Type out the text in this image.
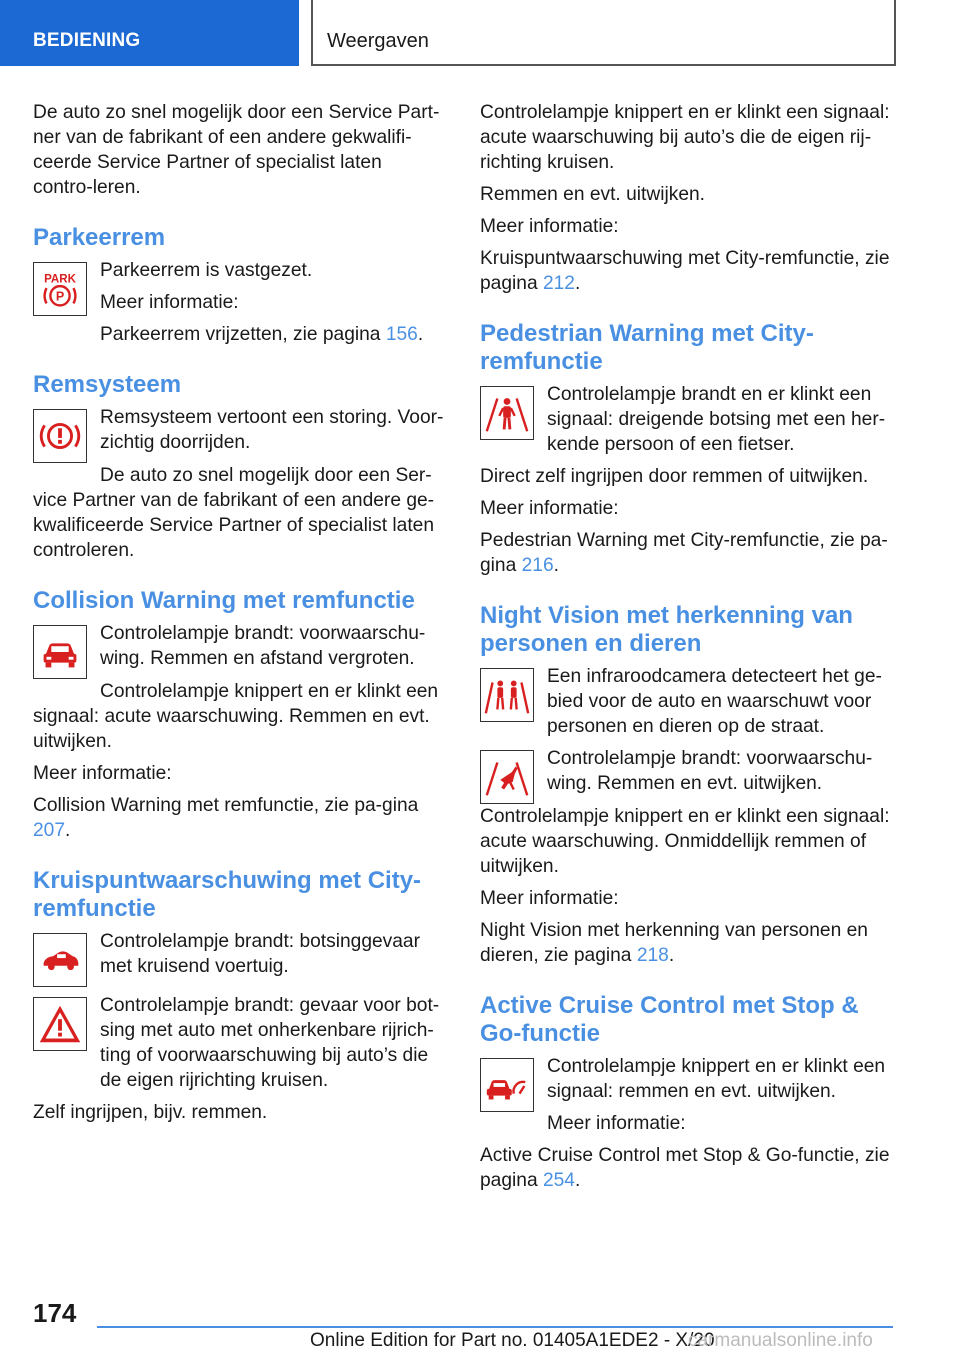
BEDIENING	Weergaven

De auto zo snel mogelijk door een Service Part-ner van de fabrikant of een andere gekwalifi-ceerde Service Partner of specialist laten contro-leren.

Parkeerrem
PARK
P

Parkeerrem is vastgezet.

Meer informatie:

Parkeerrem vrijzetten, zie pagina 156.

Remsysteem

Remsysteem vertoont een storing. Voor-zichtig doorrijden.

De auto zo snel mogelijk door een Ser-vice Partner van de fabrikant of een andere ge-kwalificeerde Service Partner of specialist laten controleren.

Collision Warning met remfunctie

Controlelampje brandt: voorwaarschu-wing. Remmen en afstand vergroten.

Controlelampje knippert en er klinkt een signaal: acute waarschuwing. Remmen en evt. uitwijken.

Meer informatie:

Collision Warning met remfunctie, zie pa-gina 207.

Kruispuntwaarschuwing met City-remfunctie

Controlelampje brandt: botsinggevaar met kruisend voertuig.

Controlelampje brandt: gevaar voor bot-sing met auto met onherkenbare rijrich-ting of voorwaarschuwing bij auto’s die de eigen rijrichting kruisen.

Zelf ingrijpen, bijv. remmen.

Controlelampje knippert en er klinkt een signaal: acute waarschuwing bij auto’s die de eigen rij-richting kruisen.

Remmen en evt. uitwijken.

Meer informatie:

Kruispuntwaarschuwing met City-remfunctie, zie pagina 212.

Pedestrian Warning met City-remfunctie

Controlelampje brandt en er klinkt een signaal: dreigende botsing met een her-kende persoon of een fietser.

Direct zelf ingrijpen door remmen of uitwijken.

Meer informatie:

Pedestrian Warning met City-remfunctie, zie pa-gina 216.

Night Vision met herkenning van personen en dieren

Een infraroodcamera detecteert het ge-bied voor de auto en waarschuwt voor personen en dieren op de straat.

Controlelampje brandt: voorwaarschu-wing. Remmen en evt. uitwijken.

Controlelampje knippert en er klinkt een signaal: acute waarschuwing. Onmiddellijk remmen of uitwijken.

Meer informatie:

Night Vision met herkenning van personen en dieren, zie pagina 218.

Active Cruise Control met Stop & Go-functie

Controlelampje knippert en er klinkt een signaal: remmen en evt. uitwijken.

Meer informatie:

Active Cruise Control met Stop & Go-functie, zie pagina 254.

174
Online Edition for Part no. 01405A1EDE2 - X/20
carmanualsonline.info
